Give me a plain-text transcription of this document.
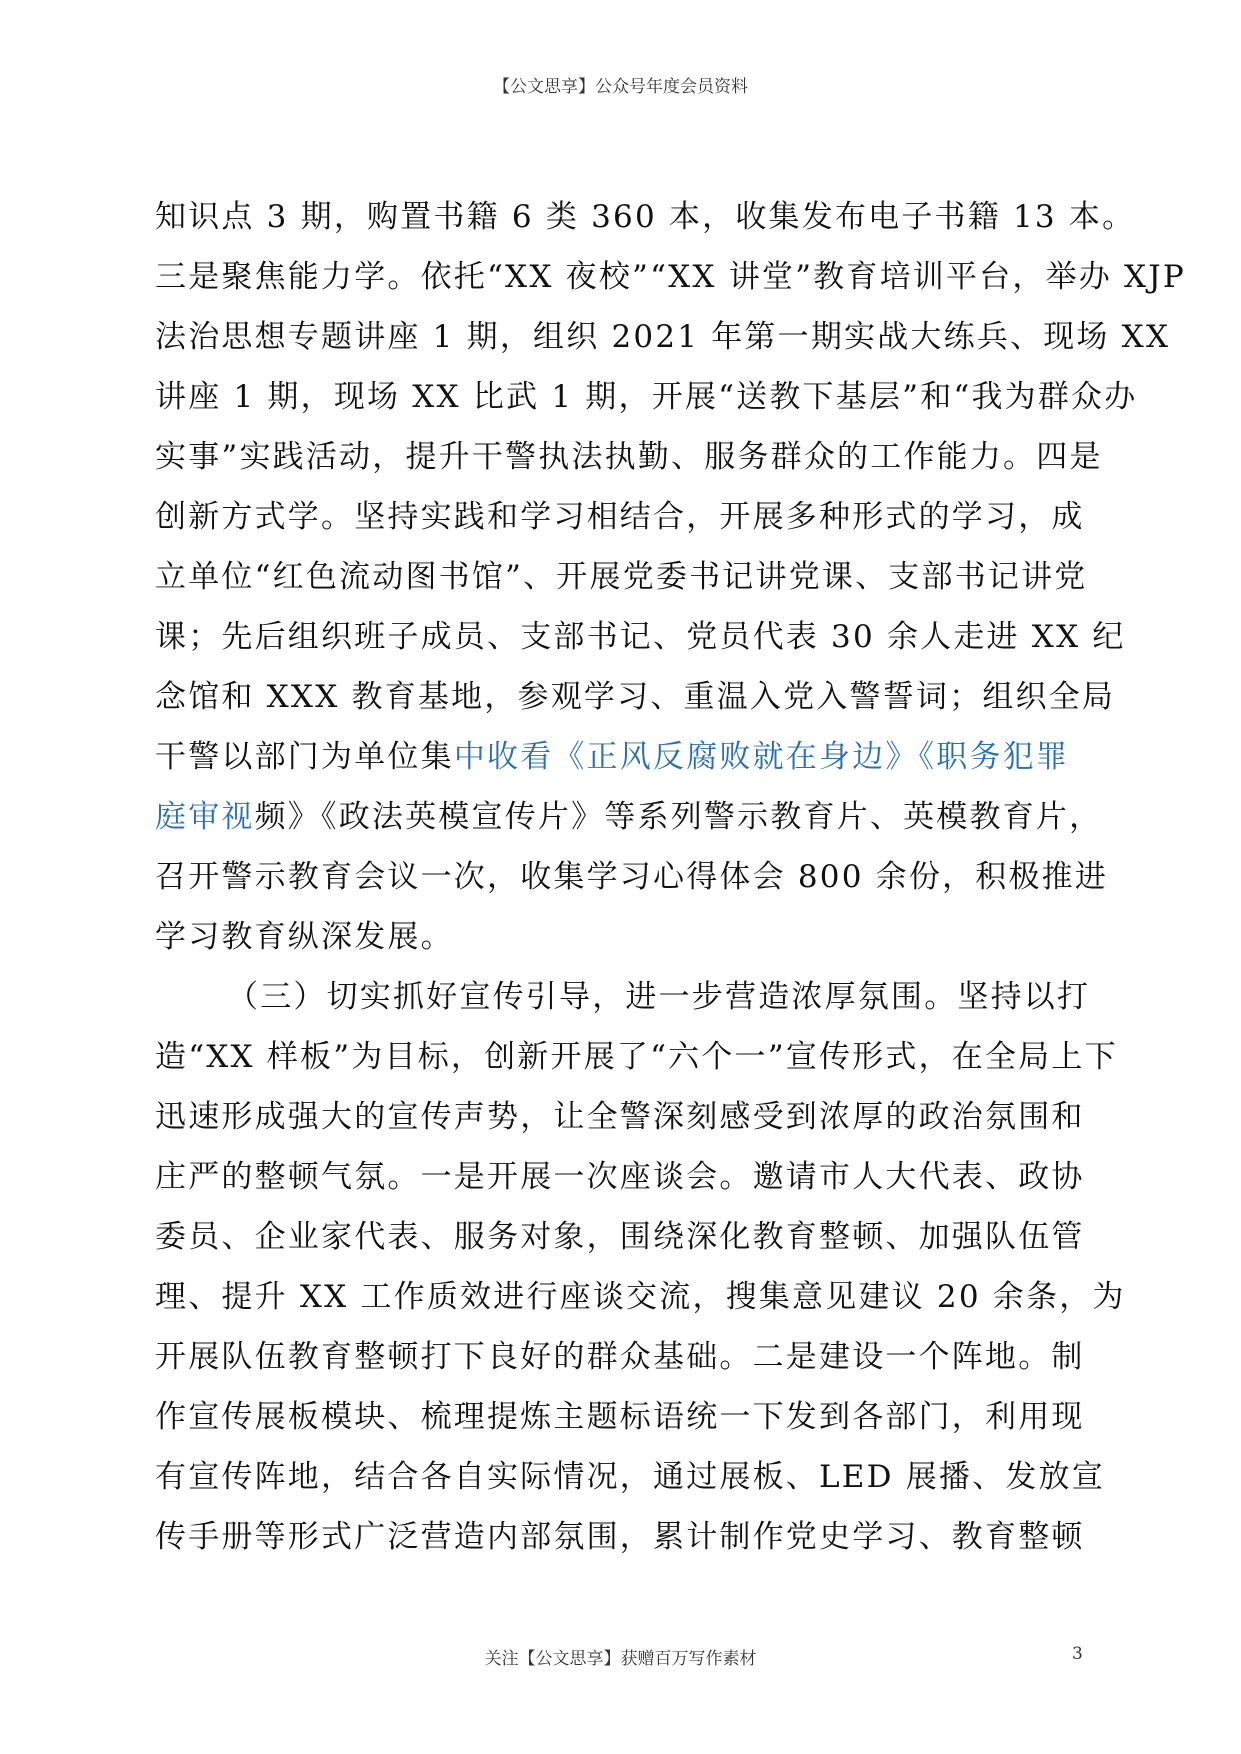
【公文思享】公众号年度会员资料
知识点 3 期，购置书籍 6 类 360 本，收集发布电子书籍 13 本。
三是聚焦能力学。依托“XX 夜校”“XX 讲堂”教育培训平台，举办 XJP
法治思想专题讲座 1 期，组织 2021 年第一期实战大练兵、现场 XX
讲座 1 期，现场 XX 比武 1 期，开展“送教下基层”和“我为群众办
实事”实践活动，提升干警执法执勤、服务群众的工作能力。四是
创新方式学。坚持实践和学习相结合，开展多种形式的学习，成
立单位“红色流动图书馆”、开展党委书记讲党课、支部书记讲党
课；先后组织班子成员、支部书记、党员代表 30 余人走进 XX 纪
念馆和 XXX 教育基地，参观学习、重温入党入警誓词；组织全局
干警以部门为单位集中收看《正风反腐败就在身边》《职务犯罪
庭审视频》《政法英模宣传片》等系列警示教育片、英模教育片，
召开警示教育会议一次，收集学习心得体会 800 余份，积极推进
学习教育纵深发展。
（三）切实抓好宣传引导，进一步营造浓厚氛围。坚持以打
造“XX 样板”为目标，创新开展了“六个一”宣传形式，在全局上下
迅速形成强大的宣传声势，让全警深刻感受到浓厚的政治氛围和
庄严的整顿气氛。一是开展一次座谈会。邀请市人大代表、政协
委员、企业家代表、服务对象，围绕深化教育整顿、加强队伍管
理、提升 XX 工作质效进行座谈交流，搜集意见建议 20 余条，为
开展队伍教育整顿打下良好的群众基础。二是建设一个阵地。制
作宣传展板模块、梳理提炼主题标语统一下发到各部门，利用现
有宣传阵地，结合各自实际情况，通过展板、LED 展播、发放宣
传手册等形式广泛营造内部氛围，累计制作党史学习、教育整顿
关注【公文思享】获赠百万写作素材	3
